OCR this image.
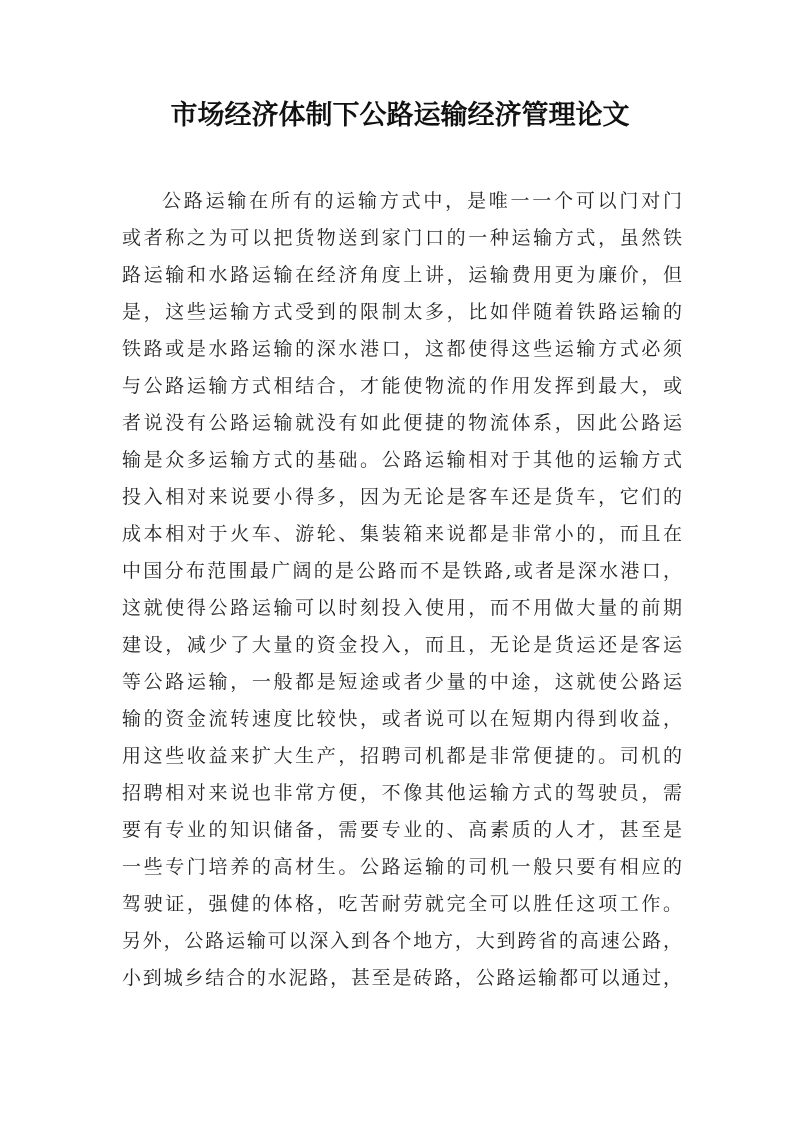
市场经济体制下公路运输经济管理论文
公路运输在所有的运输方式中，是唯一一个可以门对门
或者称之为可以把货物送到家门口的一种运输方式，虽然铁
路运输和水路运输在经济角度上讲，运输费用更为廉价，但
是，这些运输方式受到的限制太多，比如伴随着铁路运输的
铁路或是水路运输的深水港口，这都使得这些运输方式必须
与公路运输方式相结合，才能使物流的作用发挥到最大，或
者说没有公路运输就没有如此便捷的物流体系，因此公路运
输是众多运输方式的基础。公路运输相对于其他的运输方式
投入相对来说要小得多，因为无论是客车还是货车，它们的
成本相对于火车、游轮、集装箱来说都是非常小的，而且在
中国分布范围最广阔的是公路而不是铁路,或者是深水港口，
这就使得公路运输可以时刻投入使用，而不用做大量的前期
建设，减少了大量的资金投入，而且，无论是货运还是客运
等公路运输，一般都是短途或者少量的中途，这就使公路运
输的资金流转速度比较快，或者说可以在短期内得到收益，
用这些收益来扩大生产，招聘司机都是非常便捷的。司机的
招聘相对来说也非常方便，不像其他运输方式的驾驶员，需
要有专业的知识储备，需要专业的、高素质的人才，甚至是
一些专门培养的高材生。公路运输的司机一般只要有相应的
驾驶证，强健的体格，吃苦耐劳就完全可以胜任这项工作。
另外，公路运输可以深入到各个地方，大到跨省的高速公路，
小到城乡结合的水泥路，甚至是砖路，公路运输都可以通过，
